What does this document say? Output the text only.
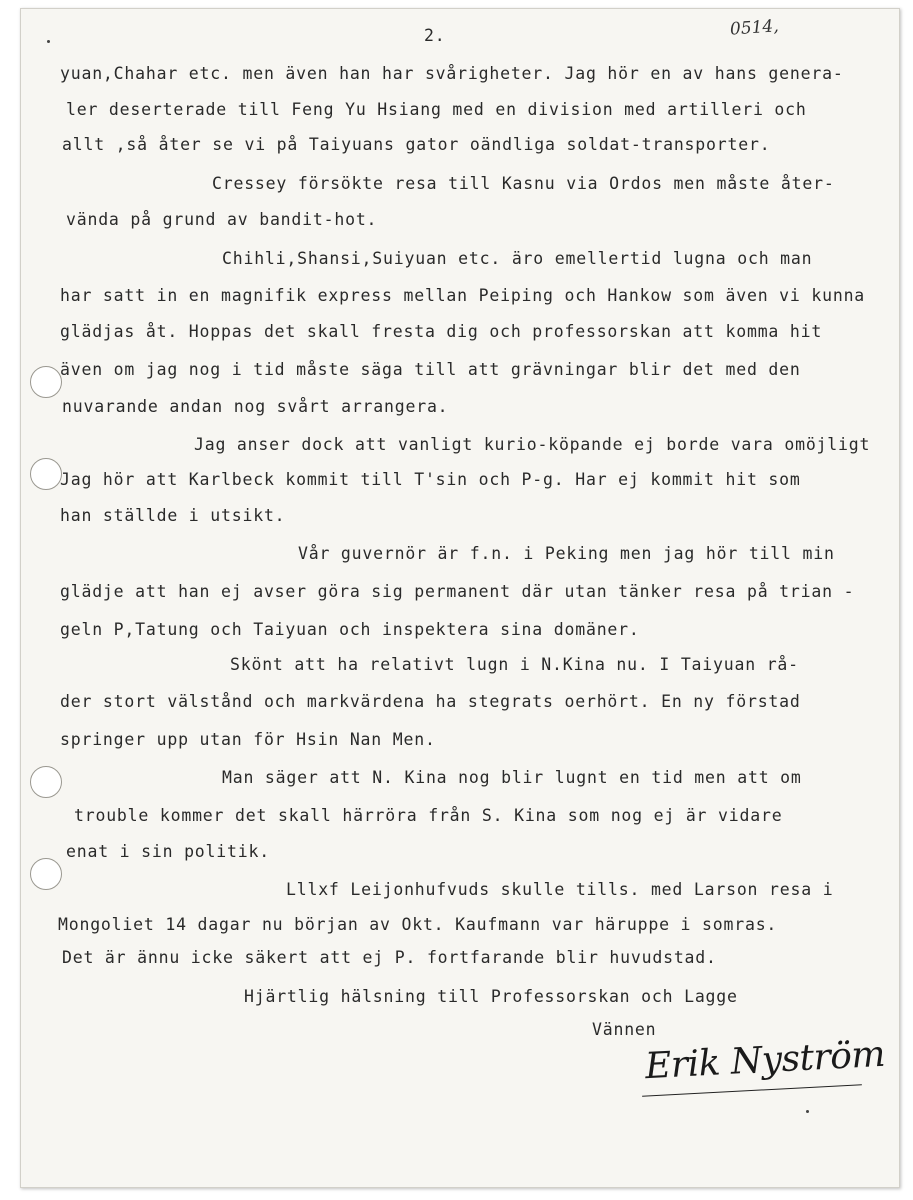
2.	0514,
yuan,Chahar etc. men även han har svårigheter. Jag hör en av hans genera-
ler deserterade till Feng Yu Hsiang med en division med artilleri och
allt ,så åter se vi på Taiyuans gator oändliga soldat-transporter.
Cressey försökte resa till Kasnu via Ordos men måste åter-
vända på grund av bandit-hot.
Chihli,Shansi,Suiyuan etc. äro emellertid lugna och man
har satt in en magnifik express mellan Peiping och Hankow som även vi kunna
glädjas åt. Hoppas det skall fresta dig och professorskan att komma hit
även om jag nog i tid måste säga till att grävningar blir det med den
nuvarande andan nog svårt arrangera.
Jag anser dock att vanligt kurio-köpande ej borde vara omöjligt
Jag hör att Karlbeck kommit till T'sin och P-g. Har ej kommit hit som
han ställde i utsikt.
Vår guvernör är f.n. i Peking men jag hör till min
glädje att han ej avser göra sig permanent där utan tänker resa på trian -
geln P,Tatung och Taiyuan och inspektera sina domäner.
Skönt att ha relativt lugn i N.Kina nu. I Taiyuan rå-
der stort välstånd och markvärdena ha stegrats oerhört. En ny förstad
springer upp utan för Hsin Nan Men.
Man säger att N. Kina nog blir lugnt en tid men att om
trouble kommer det skall härröra från S. Kina som nog ej är vidare
enat i sin politik.
Lllxf Leijonhufvuds skulle tills. med Larson resa i
Mongoliet 14 dagar nu början av Okt. Kaufmann var häruppe i somras.
Det är ännu icke säkert att ej P. fortfarande blir huvudstad.
Hjärtlig hälsning till Professorskan och Lagge
Vännen
Erik Nyström
